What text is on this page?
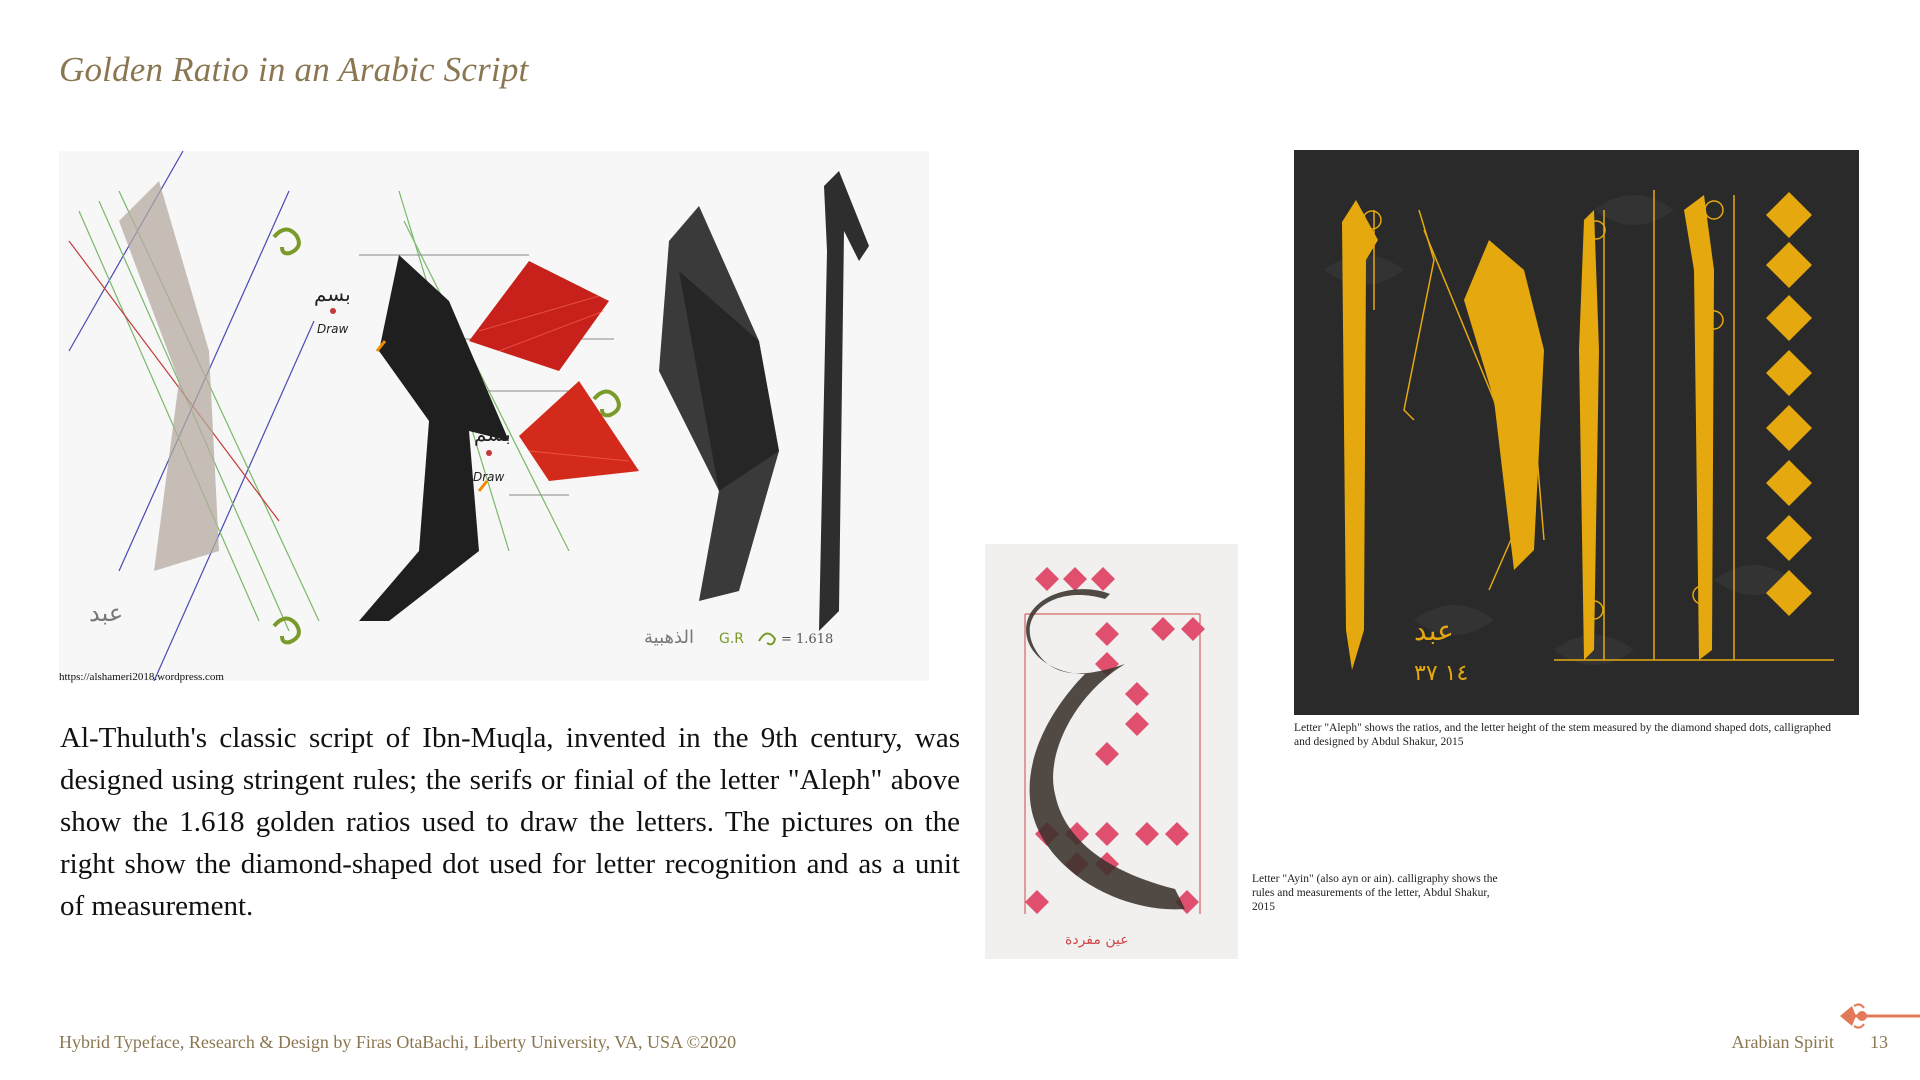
Golden Ratio in an Arabic Script
عبد
بسم
Draw
بسم
Draw
الذهبية G.R	= 1.618
https://alshameri2018.wordpress.com
Al-Thuluth's classic script of Ibn-Muqla, invented in the 9th century, was designed using stringent rules; the serifs or finial of the letter "Aleph" above show the 1.618 golden ratios used to draw the letters. The pictures on the right show the diamond-shaped dot used for letter recognition and as a unit of measurement.
عين مفردة
عبد
١٤ ٣٧
Letter "Aleph" shows the ratios, and the letter height of the stem measured by the diamond shaped dots, calligraphed and designed by Abdul Shakur, 2015
Letter "Ayin" (also ayn or ain). calligraphy shows the rules and measurements of the letter, Abdul Shakur, 2015
Hybrid Typeface, Research & Design by Firas OtaBachi, Liberty University, VA, USA ©2020	Arabian Spirit 13
